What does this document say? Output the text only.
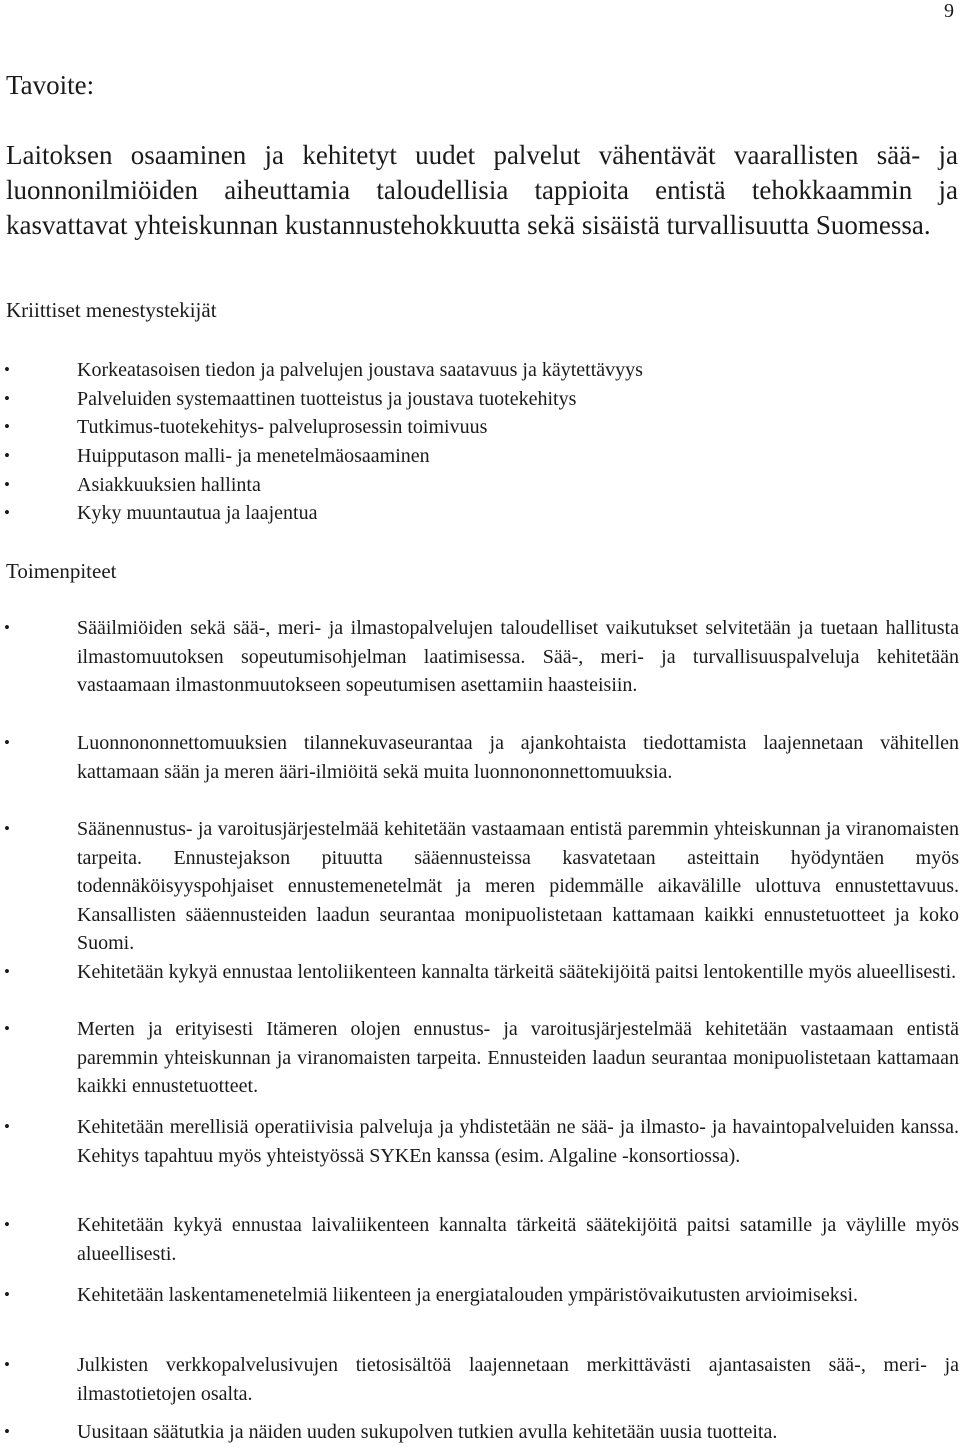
9
Tavoite:

Laitoksen osaaminen ja kehitetyt uudet palvelut vähentävät vaarallisten sää- ja luonnonilmiöiden aiheuttamia taloudellisia tappioita entistä tehokkaammin ja kasvattavat yhteiskunnan kustannustehokkuutta sekä sisäistä turvallisuutta Suomessa.

Kriittiset menestystekijät
•	Korkeatasoisen tiedon ja palvelujen joustava saatavuus ja käytettävyys
•	Palveluiden systemaattinen tuotteistus ja joustava tuotekehitys
•	Tutkimus-tuotekehitys- palveluprosessin toimivuus
•	Huipputason malli- ja menetelmäosaaminen
•	Asiakkuuksien hallinta
•	Kyky muuntautua ja laajentua
Toimenpiteet
•	Sääilmiöiden sekä sää-, meri- ja ilmastopalvelujen taloudelliset vaikutukset selvitetään ja tuetaan hallitusta ilmastomuutoksen sopeutumisohjelman laatimisessa. Sää-, meri- ja turvallisuuspalveluja kehitetään vastaamaan ilmastonmuutokseen sopeutumisen asettamiin haasteisiin.
•	Luonnononnettomuuksien tilannekuvaseurantaa ja ajankohtaista tiedottamista laajennetaan vähitellen kattamaan sään ja meren ääri-ilmiöitä sekä muita luonnononnettomuuksia.
•	Säänennustus- ja varoitusjärjestelmää kehitetään vastaamaan entistä paremmin yhteiskunnan ja viranomaisten tarpeita. Ennustejakson pituutta sääennusteissa kasvatetaan asteittain hyödyntäen myös todennäköisyyspohjaiset ennustemenetelmät ja meren pidemmälle aikavälille ulottuva ennustettavuus. Kansallisten sääennusteiden laadun seurantaa monipuolistetaan kattamaan kaikki ennustetuotteet ja koko Suomi.
•	Kehitetään kykyä ennustaa lentoliikenteen kannalta tärkeitä säätekijöitä paitsi lentokentille myös alueellisesti.
•	Merten ja erityisesti Itämeren olojen ennustus- ja varoitusjärjestelmää kehitetään vastaamaan entistä paremmin yhteiskunnan ja viranomaisten tarpeita. Ennusteiden laadun seurantaa monipuolistetaan kattamaan kaikki ennustetuotteet.
•	Kehitetään merellisiä operatiivisia palveluja ja yhdistetään ne sää- ja ilmasto- ja havaintopalveluiden kanssa. Kehitys tapahtuu myös yhteistyössä SYKEn kanssa (esim. Algaline -konsortiossa).
•	Kehitetään kykyä ennustaa laivaliikenteen kannalta tärkeitä säätekijöitä paitsi satamille ja väylille myös alueellisesti.
•	Kehitetään laskentamenetelmiä liikenteen ja energiatalouden ympäristövaikutusten arvioimiseksi.
•	Julkisten verkkopalvelusivujen tietosisältöä laajennetaan merkittävästi ajantasaisten sää-, meri- ja ilmastotietojen osalta.
•	Uusitaan säätutkia ja näiden uuden sukupolven tutkien avulla kehitetään uusia tuotteita.
